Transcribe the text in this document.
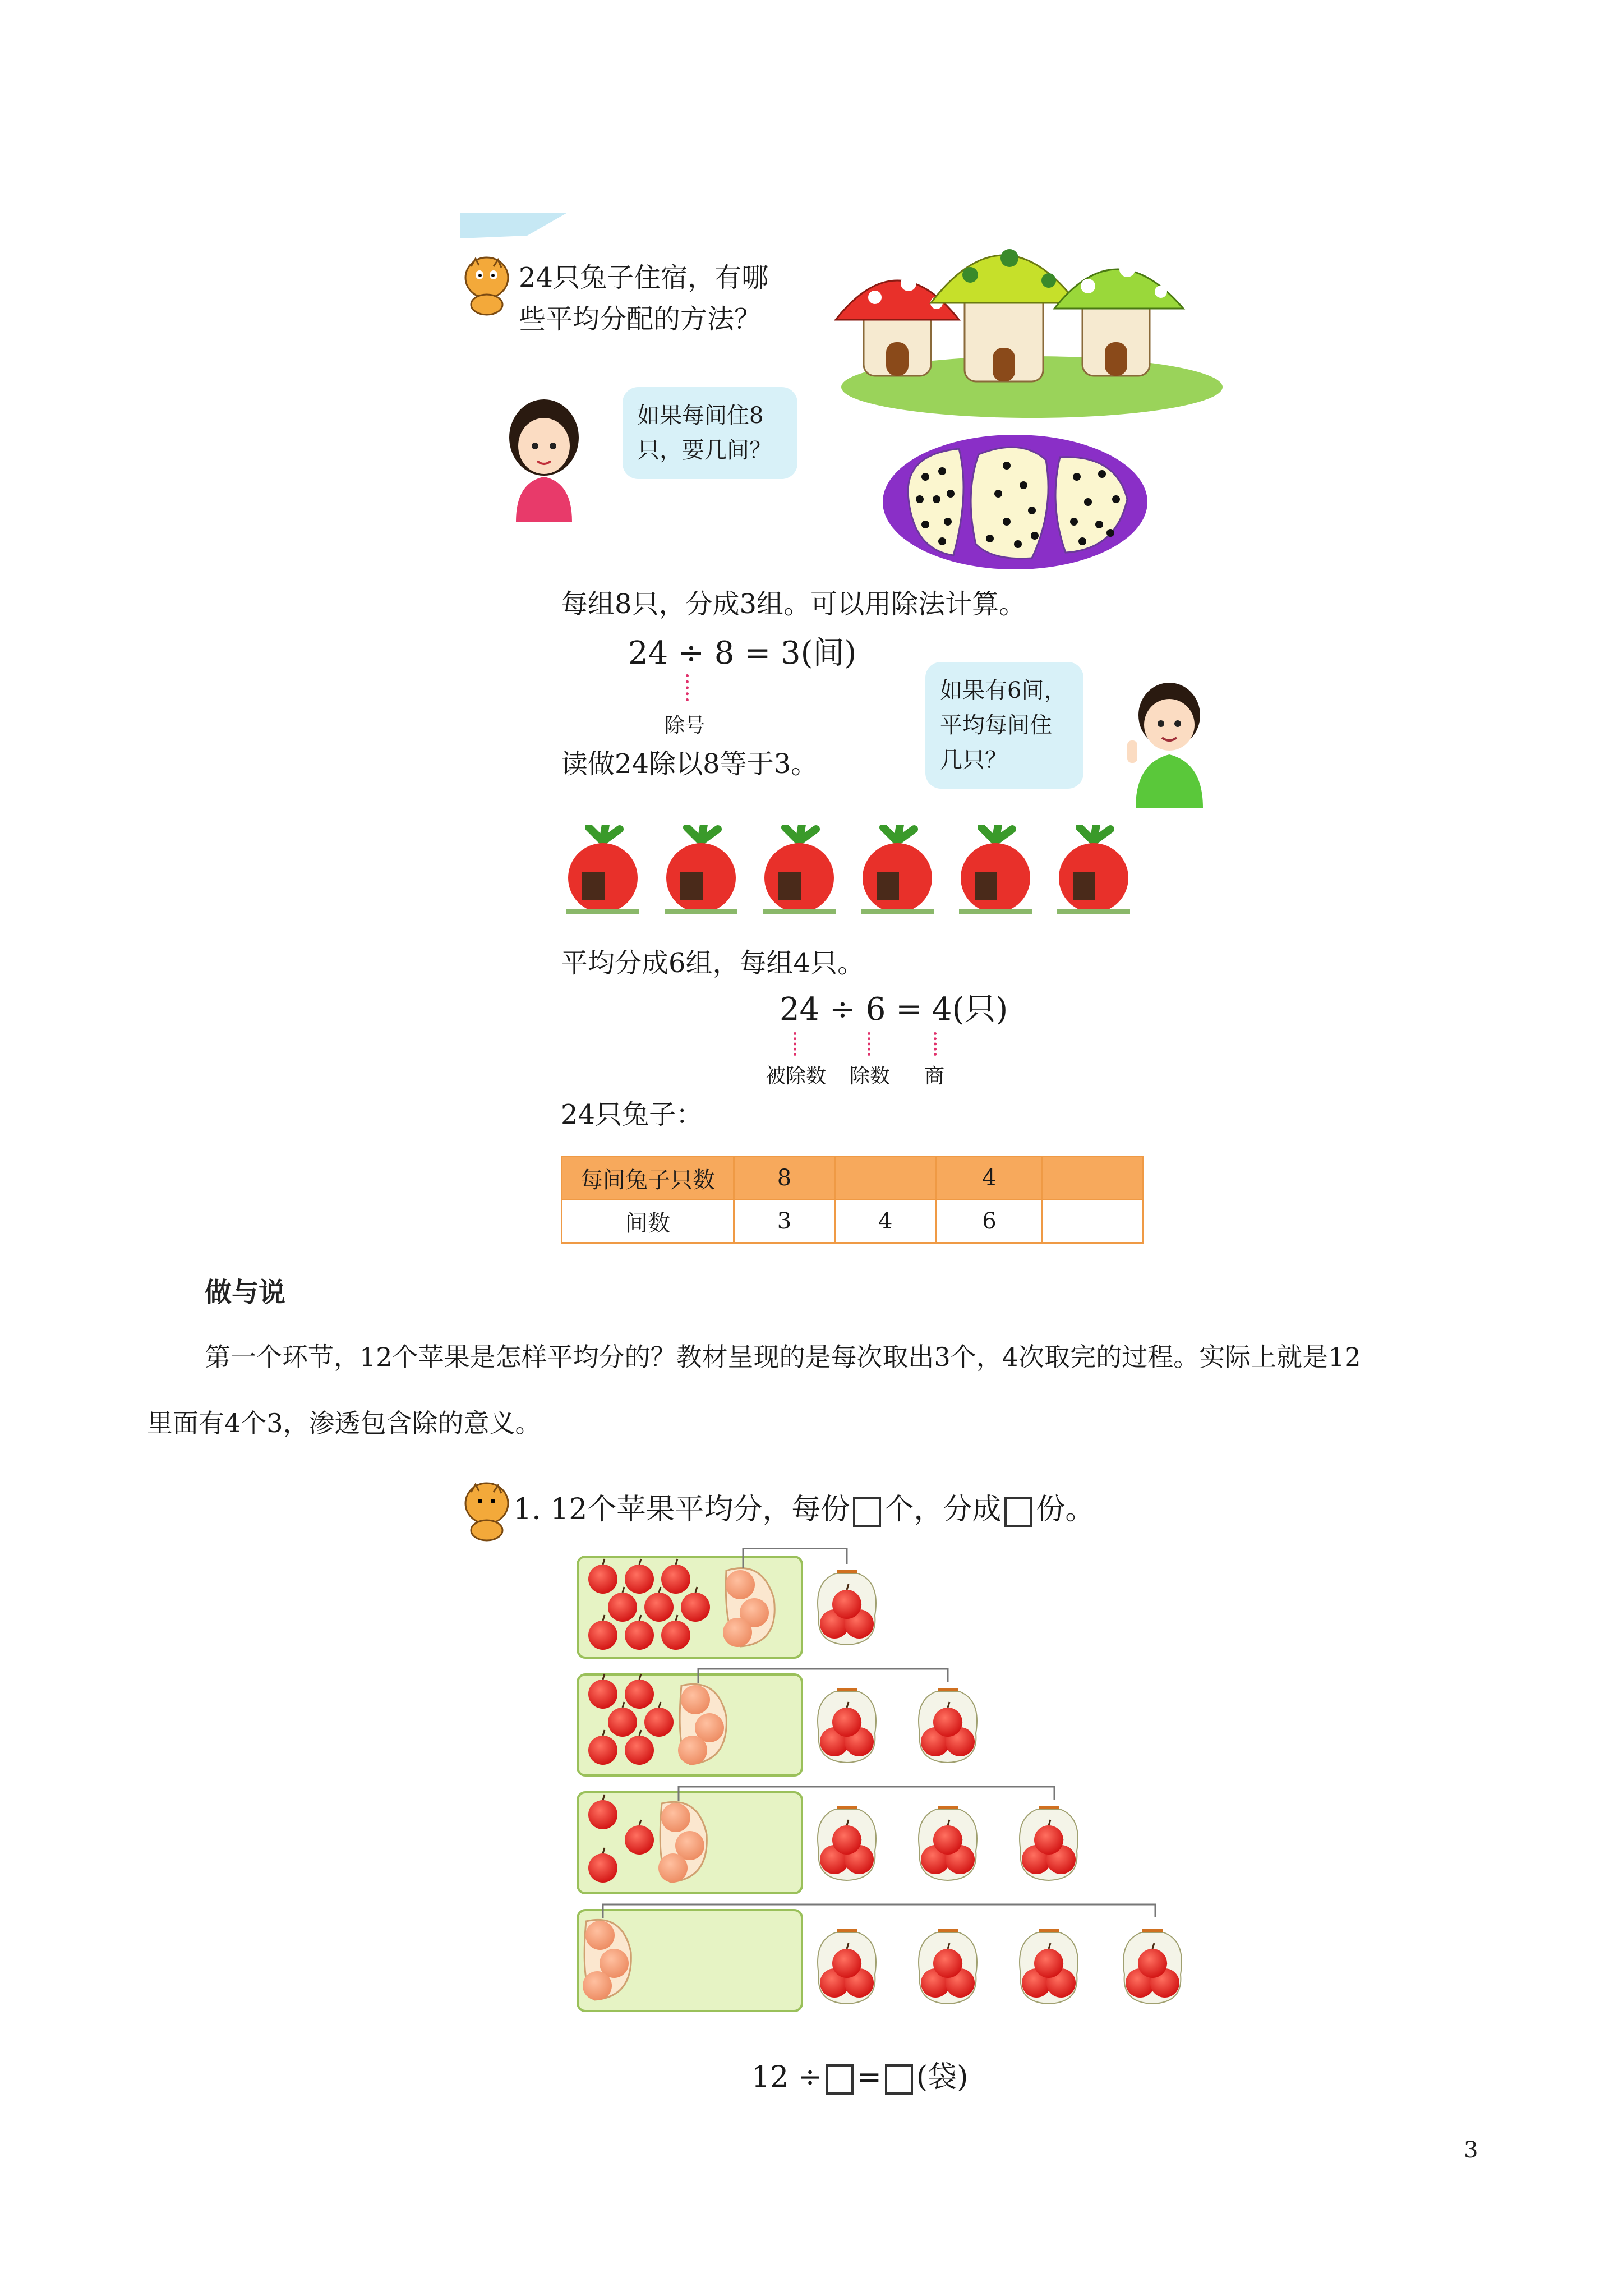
24只兔子住宿，有哪
些平均分配的方法？
如果每间住8
只，要几间？
每组8只，分成3组。可以用除法计算。
24 ÷ 8 = 3(间)
除号
读做24除以8等于3。
如果有6间，
平均每间住
几只？
平均分成6组，每组4只。
24 ÷ 6 = 4(只)
被除数 除数 商
24只兔子：
每间兔子只数	8		4	
间数	3	4	6	
做与说
第一个环节，12个苹果是怎样平均分的？教材呈现的是每次取出3个，4次取完的过程。实际上就是12
里面有4个3，渗透包含除的意义。
1. 12个苹果平均分，每份 个，分成 份。
12 ÷ = (袋)
3
